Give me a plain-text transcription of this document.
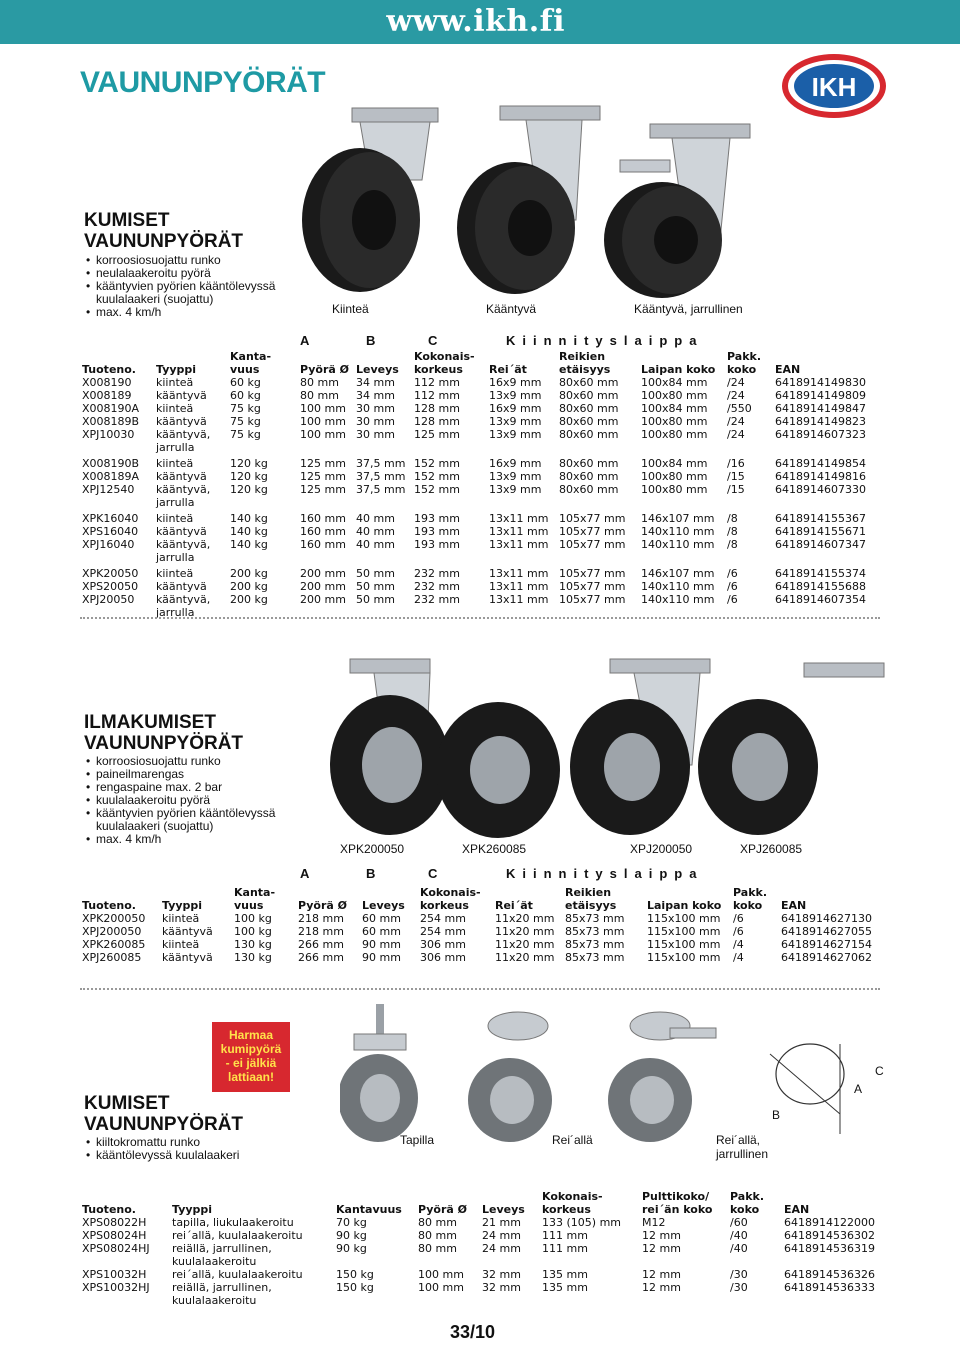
www.ikh.fi
VAUNUNPYÖRÄT	IKH
KUMISET
VAUNUNPYÖRÄT
• korroosiosuojattu runko
• neulalaakeroitu pyörä
• kääntyvien pyörien kääntölevyssä
kuulalaakeri (suojattu)
• max. 4 km/h	Kiinteä	Kääntyvä	Kääntyvä, jarrullinen
A	B	C	Kiinnityslaippa
Tuoteno.	Tyyppi	Kanta-vuus	Pyörä Ø	Leveys	Kokonais-korkeus	Rei´ät	Reikien etäisyys	Laipan koko	Pakk. koko	EAN
X008190	kiinteä	60 kg	80 mm	34 mm	112 mm	16x9 mm	80x60 mm	100x84 mm	/24	6418914149830
X008189	kääntyvä	60 kg	80 mm	34 mm	112 mm	13x9 mm	80x60 mm	100x80 mm	/24	6418914149809
X008190A	kiinteä	75 kg	100 mm	30 mm	128 mm	16x9 mm	80x60 mm	100x84 mm	/550	6418914149847
X008189B	kääntyvä	75 kg	100 mm	30 mm	128 mm	13x9 mm	80x60 mm	100x80 mm	/24	6418914149823
XPJ10030	kääntyvä, jarrulla	75 kg	100 mm	30 mm	125 mm	13x9 mm	80x60 mm	100x80 mm	/24	6418914607323
X008190B	kiinteä	120 kg	125 mm	37,5 mm	152 mm	16x9 mm	80x60 mm	100x84 mm	/16	6418914149854
X008189A	kääntyvä	120 kg	125 mm	37,5 mm	152 mm	13x9 mm	80x60 mm	100x80 mm	/15	6418914149816
XPJ12540	kääntyvä, jarrulla	120 kg	125 mm	37,5 mm	152 mm	13x9 mm	80x60 mm	100x80 mm	/15	6418914607330
XPK16040	kiinteä	140 kg	160 mm	40 mm	193 mm	13x11 mm	105x77 mm	146x107 mm	/8	6418914155367
XPS16040	kääntyvä	140 kg	160 mm	40 mm	193 mm	13x11 mm	105x77 mm	140x110 mm	/8	6418914155671
XPJ16040	kääntyvä, jarrulla	140 kg	160 mm	40 mm	193 mm	13x11 mm	105x77 mm	140x110 mm	/8	6418914607347
XPK20050	kiinteä	200 kg	200 mm	50 mm	232 mm	13x11 mm	105x77 mm	146x107 mm	/6	6418914155374
XPS20050	kääntyvä	200 kg	200 mm	50 mm	232 mm	13x11 mm	105x77 mm	140x110 mm	/6	6418914155688
XPJ20050	kääntyvä, jarrulla	200 kg	200 mm	50 mm	232 mm	13x11 mm	105x77 mm	140x110 mm	/6	6418914607354
ILMAKUMISET
VAUNUNPYÖRÄT
• korroosiosuojattu runko
• paineilmarengas
• rengaspaine max. 2 bar
• kuulalaakeroitu pyörä
• kääntyvien pyörien kääntölevyssä
kuulalaakeri (suojattu)
• max. 4 km/h
XPK200050	XPK260085	XPJ200050	XPJ260085
A	B	C	Kiinnityslaippa
Tuoteno.	Tyyppi	Kanta-vuus	Pyörä Ø	Leveys	Kokonais-korkeus	Rei´ät	Reikien etäisyys	Laipan koko	Pakk. koko	EAN
XPK200050	kiinteä	100 kg	218 mm	60 mm	254 mm	11x20 mm	85x73 mm	115x100 mm	/6	6418914627130
XPJ200050	kääntyvä	100 kg	218 mm	60 mm	254 mm	11x20 mm	85x73 mm	115x100 mm	/6	6418914627055
XPK260085	kiinteä	130 kg	266 mm	90 mm	306 mm	11x20 mm	85x73 mm	115x100 mm	/4	6418914627154
XPJ260085	kääntyvä	130 kg	266 mm	90 mm	306 mm	11x20 mm	85x73 mm	115x100 mm	/4	6418914627062
Harmaa
kumipyörä
- ei jälkiä
lattiaan!
A
B
C
KUMISET
VAUNUNPYÖRÄT
• kiiltokromattu runko
• kääntölevyssä kuulalaakeri
Tapilla	Rei´allä	Rei´allä, jarrullinen
Tuoteno.	Tyyppi	Kantavuus	Pyörä Ø	Leveys	Kokonais-korkeus	Pulttikoko/ rei´än koko	Pakk. koko	EAN
XPS08022H	tapilla, liukulaakeroitu	70 kg	80 mm	21 mm	133 (105) mm	M12	/60	6418914122000
XPS08024H	rei´allä, kuulalaakeroitu	90 kg	80 mm	24 mm	111 mm	12 mm	/40	6418914536302
XPS08024HJ	reiällä, jarrullinen, kuulalaakeroitu	90 kg	80 mm	24 mm	111 mm	12 mm	/40	6418914536319
XPS10032H	rei´allä, kuulalaakeroitu	150 kg	100 mm	32 mm	135 mm	12 mm	/30	6418914536326
XPS10032HJ	reiällä, jarrullinen, kuulalaakeroitu	150 kg	100 mm	32 mm	135 mm	12 mm	/30	6418914536333
33/10
